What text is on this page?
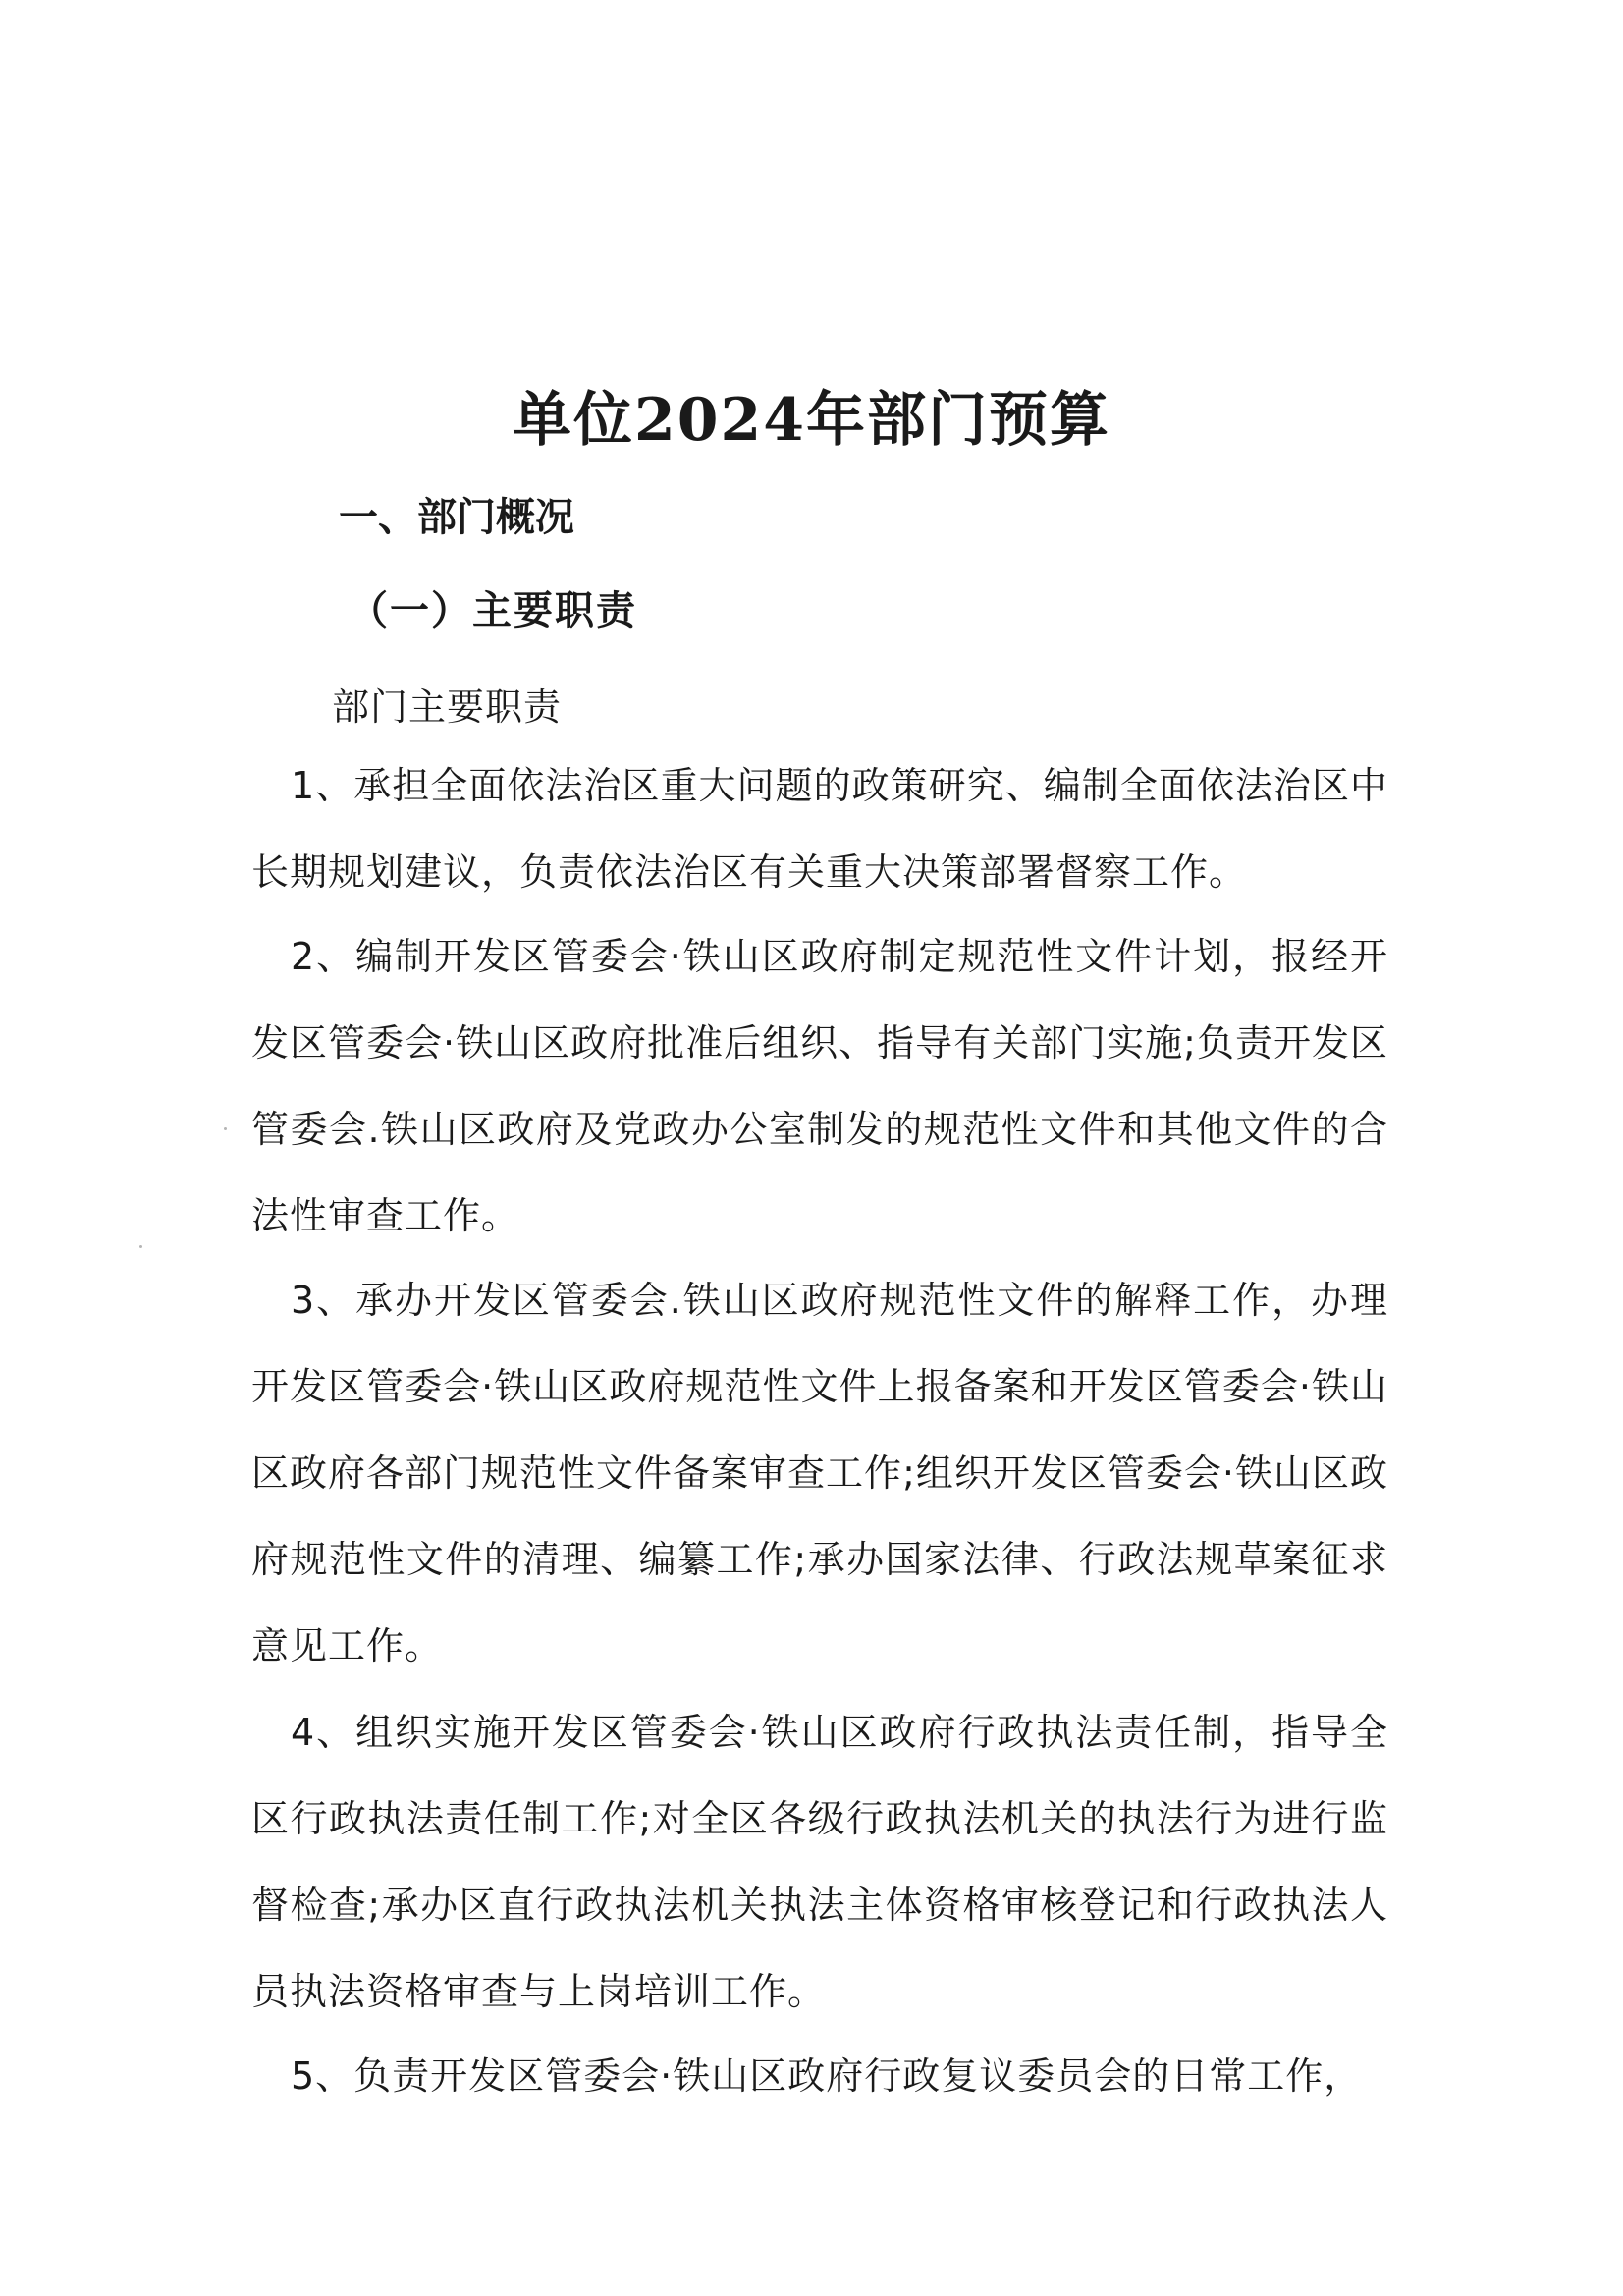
单位2024年部门预算
一、部门概况
（一）主要职责

部门主要职责

1、承担全面依法治区重大问题的政策研究、编制全面依法治区中长期规划建议，负责依法治区有关重大决策部署督察工作。

2、编制开发区管委会·铁山区政府制定规范性文件计划，报经开发区管委会·铁山区政府批准后组织、指导有关部门实施;负责开发区管委会.铁山区政府及党政办公室制发的规范性文件和其他文件的合法性审查工作。

3、承办开发区管委会.铁山区政府规范性文件的解释工作，办理开发区管委会·铁山区政府规范性文件上报备案和开发区管委会·铁山区政府各部门规范性文件备案审查工作;组织开发区管委会·铁山区政府规范性文件的清理、编纂工作;承办国家法律、行政法规草案征求意见工作。

4、组织实施开发区管委会·铁山区政府行政执法责任制，指导全区行政执法责任制工作;对全区各级行政执法机关的执法行为进行监督检查;承办区直行政执法机关执法主体资格审核登记和行政执法人员执法资格审查与上岗培训工作。

5、负责开发区管委会·铁山区政府行政复议委员会的日常工作，
